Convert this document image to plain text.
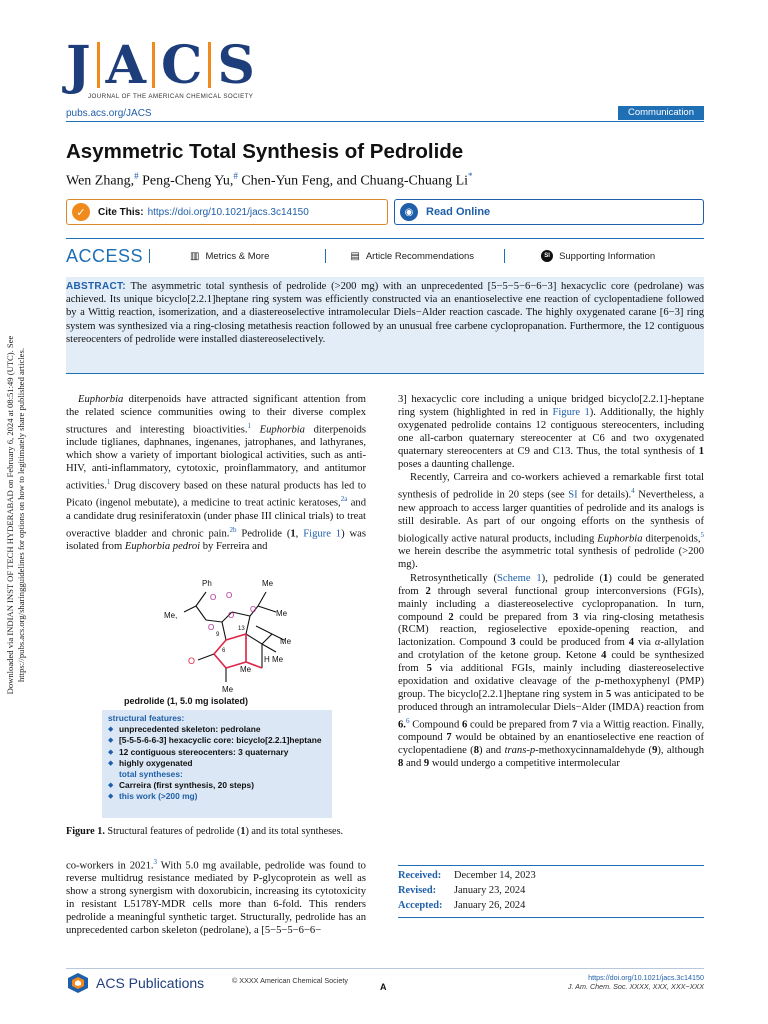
Downloaded via INDIAN INST OF TECH HYDERABAD on February 6, 2024 at 08:51:49 (UTC). See https://pubs.acs.org/sharingguidelines for options on how to legitimately share published articles.
J A C S
JOURNAL OF THE AMERICAN CHEMICAL SOCIETY
pubs.acs.org/JACS	Communication
Asymmetric Total Synthesis of Pedrolide
Wen Zhang,# Peng-Cheng Yu,# Chen-Yun Feng, and Chuang-Chuang Li*
✓	Cite This: https://doi.org/10.1021/jacs.3c14150	◉	Read Online
ACCESS	▥ Metrics & More	▤ Article Recommendations	SI Supporting Information
ABSTRACT: The asymmetric total synthesis of pedrolide (>200 mg) with an unprecedented [5−5−5−6−6−3] hexacyclic core (pedrolane) was achieved. Its unique bicyclo[2.2.1]heptane ring system was efficiently constructed via an enantioselective ene reaction of cyclopentadiene followed by a Wittig reaction, isomerization, and a diastereoselective intramolecular Diels−Alder reaction cascade. The highly oxygenated carane [6−3] ring system was synthesized via a ring-closing metathesis reaction followed by an unusual free carbene cyclopropanation. Furthermore, the 12 contiguous stereocenters of pedrolide were installed diastereoselectively.

Euphorbia diterpenoids have attracted significant attention from the related science communities owing to their diverse complex structures and interesting bioactivities.$^1$ Euphorbia diterpenoids include tiglianes, daphnanes, ingenanes, jatrophanes, and lathyranes, which show a variety of important biological activities, such as anti-HIV, anti-inflammatory, cytotoxic, proinflammatory, and antitumor activities.$^1$ Drug discovery based on these natural products has led to Picato (ingenol mebutate), a medicine to treat actinic keratoses,$^{2a}$ and a candidate drug resiniferatoxin (under phase III clinical trials) to treat overactive bladder and chronic pain.$^{2b}$ Pedrolide (1, Figure 1) was isolated from Euphorbia pedroi by Ferreira and

O
Ph	Me
Me
Me,
Me
Me
Me
Me
H
O O
O
O
O
9
13
6
pedrolide (1, 5.0 mg isolated)
structural features:
◆ unprecedented skeleton: pedrolane
◆ [5-5-5-6-6-3] hexacyclic core: bicyclo[2.2.1]heptane
◆ 12 contiguous stereocenters: 3 quaternary
◆ highly oxygenated
total syntheses:
◆ Carreira (first synthesis, 20 steps)
◆ this work (>200 mg)
Figure 1. Structural features of pedrolide (1) and its total syntheses.

co-workers in 2021.$^3$ With 5.0 mg available, pedrolide was found to reverse multidrug resistance mediated by P-glycoprotein as well as show a strong synergism with doxorubicin, increasing its cytotoxicity in resistant L5178Y-MDR cells more than 6-fold. This renders pedrolide a meaningful synthetic target. Structurally, pedrolide has an unprecedented carbon skeleton (pedrolane), a [5−5−5−6−6−

3] hexacyclic core including a unique bridged bicyclo[2.2.1]-heptane ring system (highlighted in red in Figure 1). Additionally, the highly oxygenated pedrolide contains 12 contiguous stereocenters, including one all-carbon quaternary stereocenter at C6 and two oxygenated quaternary stereocenters at C9 and C13. Thus, the total synthesis of 1 poses a daunting challenge.

Recently, Carreira and co-workers achieved a remarkable first total synthesis of pedrolide in 20 steps (see SI for details).$^4$ Nevertheless, a new approach to access larger quantities of pedrolide and its analogs is still desirable. As part of our ongoing efforts on the synthesis of biologically active natural products, including Euphorbia diterpenoids,$^5$ we herein describe the asymmetric total synthesis of pedrolide (>200 mg).

Retrosynthetically (Scheme 1), pedrolide (1) could be generated from 2 through several functional group interconversions (FGIs), mainly including a diastereoselective cyclopropanation. In turn, compound 2 could be prepared from 3 via ring-closing metathesis (RCM) reaction, regioselective epoxide-opening reaction, and lactonization. Compound 3 could be produced from 4 via α-allylation and crotylation of the ketone group. Ketone 4 could be synthesized from 5 via additional FGIs, mainly including diastereoselective epoxidation and oxidative cleavage of the p-methoxyphenyl (PMP) group. The bicyclo[2.2.1]heptane ring system in 5 was anticipated to be produced through an intramolecular Diels−Alder (IMDA) reaction from 6.$^6$ Compound 6 could be prepared from 7 via a Wittig reaction. Finally, compound 7 would be obtained by an enantioselective ene reaction of cyclopentadiene (8) and trans-p-methoxycinnamaldehyde (9), although 8 and 9 would undergo a competitive intermolecular

Received:	December 14, 2023
Revised:	January 23, 2024
Accepted:	January 26, 2024
ACS Publications	© XXXX American Chemical Society
A
https://doi.org/10.1021/jacs.3c14150
J. Am. Chem. Soc. XXXX, XXX, XXX−XXX
